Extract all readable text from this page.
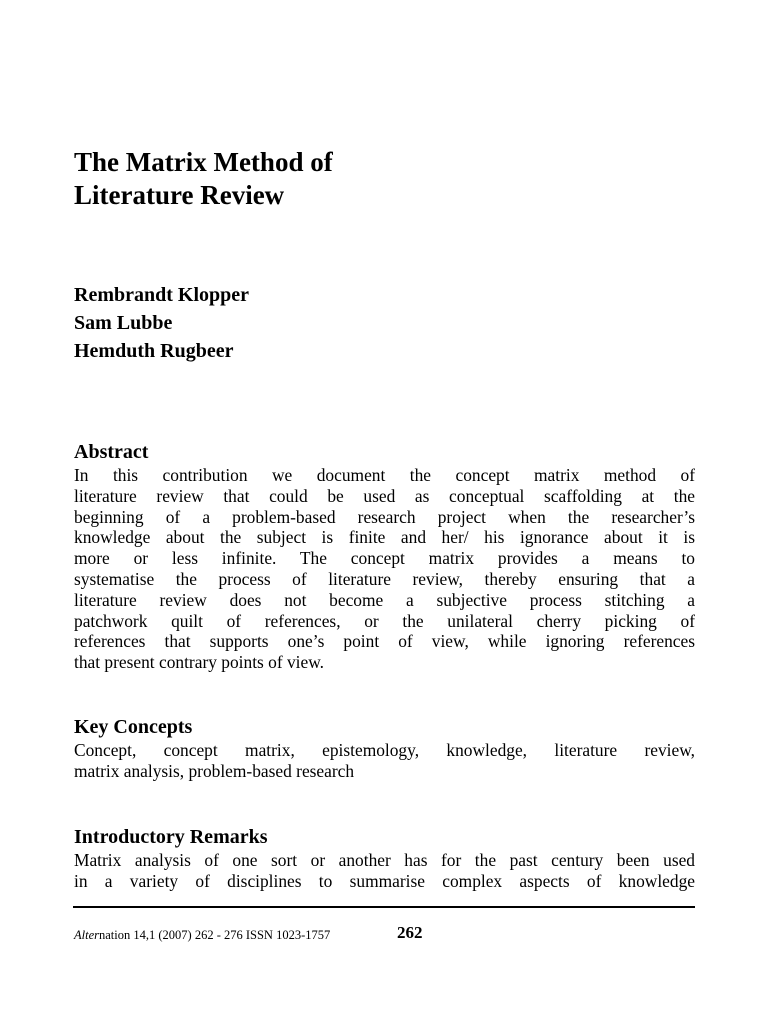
The Matrix Method of
Literature Review
Rembrandt Klopper
Sam Lubbe
Hemduth Rugbeer
Abstract
In this contribution we document the concept matrix method of
literature review that could be used as conceptual scaffolding at the
beginning of a problem-based research project when the researcher’s
knowledge about the subject is finite and her/ his ignorance about it is
more or less infinite. The concept matrix provides a means to
systematise the process of literature review, thereby ensuring that a
literature review does not become a subjective process stitching a
patchwork quilt of references, or the unilateral cherry picking of
references that supports one’s point of view, while ignoring references
that present contrary points of view.
Key Concepts
Concept, concept matrix, epistemology, knowledge, literature review,
matrix analysis, problem-based research
Introductory Remarks
Matrix analysis of one sort or another has for the past century been used
in a variety of disciplines to summarise complex aspects of knowledge
Alternation 14,1 (2007) 262 - 276 ISSN 1023-1757	262
